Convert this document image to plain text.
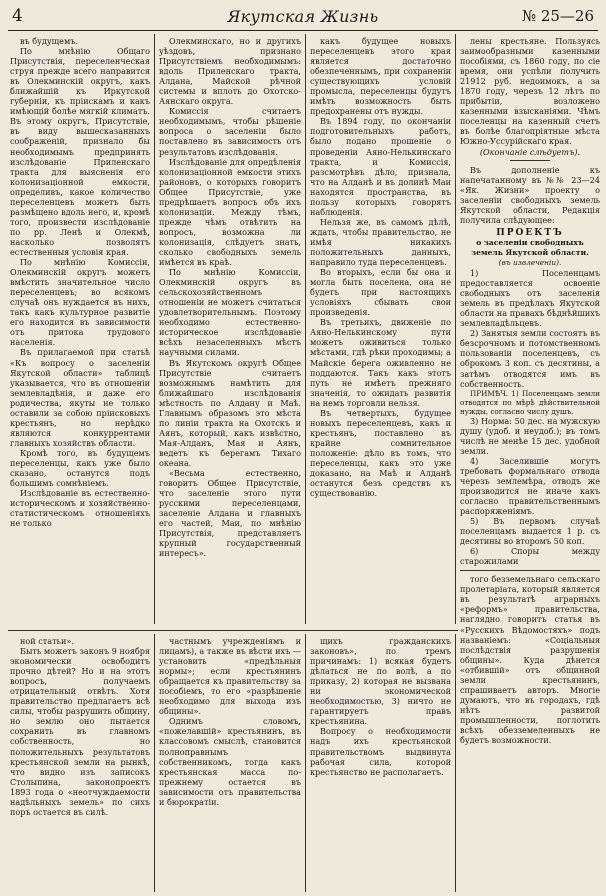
4	Якутская Жизнь	№ 25—26

въ будущемъ.

По мнѣнію Общаго Присутствія, переселенческая струя прежде всего направится въ Олекминскій округъ, какъ ближайшій къ Иркутской губерніи, къ прiискамъ и какъ имѣющій болѣе мягкій климатъ. Въ этому округъ, Присутствіе, въ виду вышесказанныхъ соображеній, признало бы необходимымъ предпринять изслѣдованіе Приленскаго тракта для выясненія его колонизаціонной емкости, определивъ, какое количество переселенцевъ можетъ быть размѣщено вдоль него, и, кромѣ того, произвести изслѣдованіе по рр. Ленѣ и Олекмѣ, насколько позволятъ естественныя условія края.

По мнѣнію Комиссіи, Олекминскій округъ можетъ вмѣстить значительное число переселенцевъ; во всякомъ случаѣ онъ нуждается въ нихъ, такъ какъ культурное развитіе его находится въ зависимости отъ притока трудового населенія.

Въ прилагаемой при статьѣ «Къ вопросу о заселеніи Якутской области» таблицѣ указывается, что въ отношеніи землевладѣнія, и даже его родичества, якуты не только оставили за собою прiисковыхъ крестьянъ, но нерѣдко являются конкуррентами главныхъ хозяйствъ области.

Кромѣ того, въ будущемъ переселенцы, какъ уже было сказано, останутся подъ большимъ сомнѣніемъ.

Изслѣдованіе въ естественно-историческомъ и хозяйственно-статистическомъ отношеніяхъ не только

Олекминскаго, но и другихъ уѣздовъ, признано Присутствіемъ необходимымъ: вдоль Приленскаго тракта, Алдана, Майской рѣчной системы и вплоть до Охотско-Аянскаго округа.

Комиссія считаетъ необходимымъ, чтобы рѣшеніе вопроса о заселеніи было поставлено въ зависимость отъ результатовъ изслѣдованія.

Изслѣдованіе для опредѣленія колонизаціонной емкости этихъ районовъ, о которыхъ говоритъ Общее Присутствіе, уже предрѣшаетъ вопросъ объ ихъ колонизаціи. Между тѣмъ, прежде чѣмъ отвѣтить на вопросъ, возможна ли колонизація, слѣдуетъ знать, сколько свободныхъ земель имѣется въ краѣ.

По мнѣнію Комиссіи, Олекминскій округъ въ сельскохозяйственномъ отношеніи не можетъ считаться удовлетворительнымъ. Поэтому необходимо естественно-историческое изслѣдованіе всѣхъ незаселенныхъ мѣстъ научными силами.

Въ Якутскомъ округѣ Общее Присутствіе считаетъ возможнымъ намѣтить для ближайшаго изслѣдованія мѣстность по Алдану и Маѣ. Главнымъ образомъ это мѣста по линіи тракта на Охотскъ и Аянъ, который, какъ извѣстно, Мая-Алданъ, Мая и Аянъ, ведетъ къ берегамъ Тихаго океана.

«Весьма естественно, говоритъ Общее Присутствіе, что заселеніе этого пути русскими переселенцами, заселеніе Алдана и главныхъ его частей, Маи, по мнѣнію Присутствія, представляетъ крупный государственный интересъ».

какъ будущее новыхъ переселенцевъ этого края является достаточно обезпеченнымъ, при сохраненіи существующихъ условій промысла, переселенцы будутъ имѣть возможность быть предохранены отъ нужды.

Въ 1894 году, по окончаніи подготовительныхъ работъ, было подано прошеніе о проведеніи Аяно-Нелькинскаго тракта, и Комиссія, разсмотрѣвъ дѣло, признала, что на Алданѣ и въ долинѣ Маи находятся пространства, въ пользу которыхъ говорятъ наблюденія.

Нельзя же, въ самомъ дѣлѣ, ждать, чтобы правительство, не имѣя никакихъ положительныхъ данныхъ, направило туда переселенцевъ.

Во вторыхъ, если бы она и могла быть поселена, она не будетъ при настоящихъ условіяхъ сбывать свои произведенія.

Въ третьихъ, движеніе по Аяно-Нелькинскому пути можетъ оживиться только мѣстами, гдѣ рѣки проходимы; а Майскіе берега оживленно не поддаются. Такъ какъ этотъ путь не имѣетъ прежняго значенія, то ожидать развитія на немъ торговли нельзя.

Въ четвертыхъ, будущее новыхъ переселенцевъ, какъ и крестьянъ, поставлено въ крайне сомнительное положеніе: дѣло въ томъ, что переселенцы, какъ это уже доказано, на Маѣ и Алданѣ останутся безъ средствъ къ существованію.

лены крестьяне. Пользуясь заимообразными казенными пособіями, съ 1860 году, по сіе время, они успѣли получить 21912 руб. недоимокъ, а за 1870 году, черезъ 12 лѣтъ по прибытіи, возложено казенными взысканіями. Чѣмъ поселенцы на казенный счетъ въ болѣе благопріятные мѣста Южно-Уссурійскаго края.

(Окончаніе слѣдуетъ).

Въ дополненіе къ напечатанному въ №№ 23—24 «Як. Жизни» проекту о заселеніи свободныхъ земель Якутской области, Редакція получила слѣдующее:

ПРОЕКТЪ

о заселеніи свободныхъ земель Якутской области.

(въ извлеченіи).

1) Поселенцамъ предоставляется освоеніе свободныхъ отъ заселенія земель въ предѣлахъ Якутской области на правахъ бѣднѣйшихъ землевладѣльцевъ.

2) Занятыя земли состоятъ въ безсрочномъ и потомственномъ пользованіи поселенцевъ, съ оброкомъ 3 коп. съ десятины, а затѣмъ отводятся имъ въ собственность.

ПРИМѢЧ. 1) Поселенцамъ земли отводятся по мѣрѣ дѣйствительной нужды, согласно числу душъ.

3) Норма: 50 дес. на мужскую душу (удоб. и неудоб.); въ томъ числѣ не менѣе 15 дес. удобной земли.

4) Заселившіе могутъ требовать формальнаго отвода черезъ землемѣра, отводъ же производится не иначе какъ согласно правительственнымъ распоряженіямъ.

5) Въ первомъ случаѣ поселенцамъ выдается 1 р. съ десятины во второмъ 50 коп.

6) Споры между старожилами

того безземельнаго сельскаго пролетаріата, который является въ результатѣ аграрныхъ «реформъ» правительства, наглядно говоритъ статья въ «Русскихъ Вѣдомостяхъ» подъ названіемъ: «Соціальныя послѣдствія разрушенія общины». Куда дѣнется «отбившій» отъ общинной земли крестьянинъ, спрашиваетъ авторъ. Многіе думаютъ, что въ городахъ, гдѣ нѣтъ развитой промышленности, поглотить всѣхъ обезземеленныхъ не будетъ возможности.

ной статьи».

Быть можетъ законъ 9 ноября экономически освободитъ прочно дѣтей? Но и на этотъ вопросъ, получаемъ отрицательный отвѣтъ. Хотя правительство предлагаетъ всѣ силы, чтобы разрушить общину, но землю оно пытается сохранить въ главномъ собственность, но положительныхъ результатовъ крестьянской земли на рынкѣ, что видно изъ записокъ Столыпина, законопроектъ 1893 года о «неотчуждаемости надѣльныхъ земель» по сихъ поръ остается въ силѣ.

частнымъ учрежденіямъ и лицамъ), а также въ вѣсти ихъ — установить «предѣльныя нормы»; если крестьянинъ обращается къ правительству за пособіемъ, то его «разрѣшеніе необходимо для выхода изъ общины».

Однимъ словомъ, «пожелавшій» крестьянинъ, въ классовомъ смыслѣ, становится полноправнымъ собственникомъ, тогда какъ крестьянская масса по-прежнему остается въ зависимости отъ правительства и бюрократіи.

щихъ гражданскихъ законовъ», по тремъ причинамъ: 1) всякая будетъ дѣлаться не по волѣ, а по приказу, 2) которая не вызвана ни экономической необходимостью, 3) ничто не гарантируетъ правъ крестьянина.

Вопросу о необходимости надъ ихъ крестьянской правительствомъ выдвинута рабочая сила, которой крестьянство не располагаетъ.
